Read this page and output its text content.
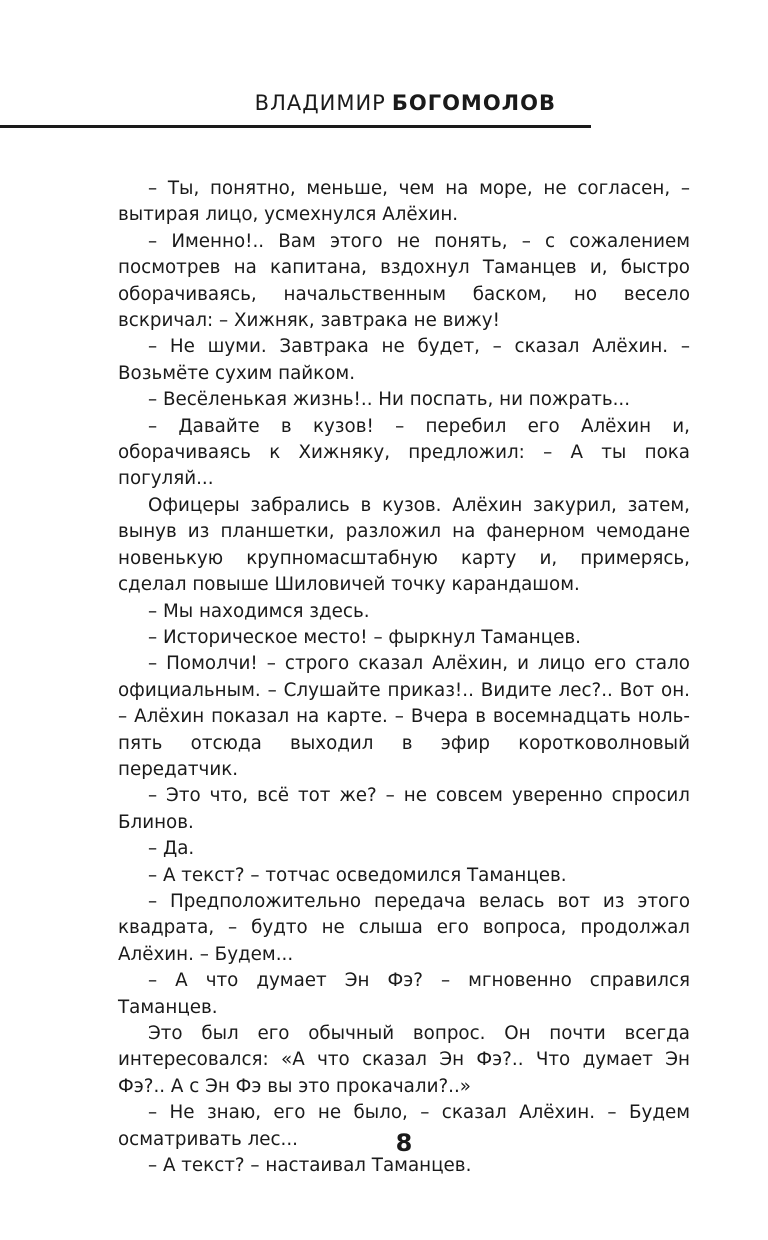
ВЛАДИМИР БОГОМОЛОВ

– Ты, понятно, меньше, чем на море, не согласен, – вытирая лицо, усмехнулся Алёхин.

– Именно!.. Вам этого не понять, – с сожалением посмотрев на капитана, вздохнул Таманцев и, быстро оборачиваясь, начальственным баском, но весело вскричал: – Хижняк, завтрака не вижу!

– Не шуми. Завтрака не будет, – сказал Алёхин. – Возьмёте сухим пайком.

– Весёленькая жизнь!.. Ни поспать, ни пожрать...

– Давайте в кузов! – перебил его Алёхин и, оборачиваясь к Хижняку, предложил: – А ты пока погуляй...

Офицеры забрались в кузов. Алёхин закурил, затем, вынув из планшетки, разложил на фанерном чемодане новенькую крупномасштабную карту и, примерясь, сделал повыше Шиловичей точку карандашом.

– Мы находимся здесь.

– Историческое место! – фыркнул Таманцев.

– Помолчи! – строго сказал Алёхин, и лицо его стало официальным. – Слушайте приказ!.. Видите лес?.. Вот он. – Алёхин показал на карте. – Вчера в восемнадцать ноль-пять отсюда выходил в эфир коротковолновый передатчик.

– Это что, всё тот же? – не совсем уверенно спросил Блинов.

– Да.

– А текст? – тотчас осведомился Таманцев.

– Предположительно передача велась вот из этого квадрата, – будто не слыша его вопроса, продолжал Алёхин. – Будем...

– А что думает Эн Фэ? – мгновенно справился Таманцев.

Это был его обычный вопрос. Он почти всегда интересовался: «А что сказал Эн Фэ?.. Что думает Эн Фэ?.. А с Эн Фэ вы это прокачали?..»

– Не знаю, его не было, – сказал Алёхин. – Будем осматривать лес...

– А текст? – настаивал Таманцев.

8
